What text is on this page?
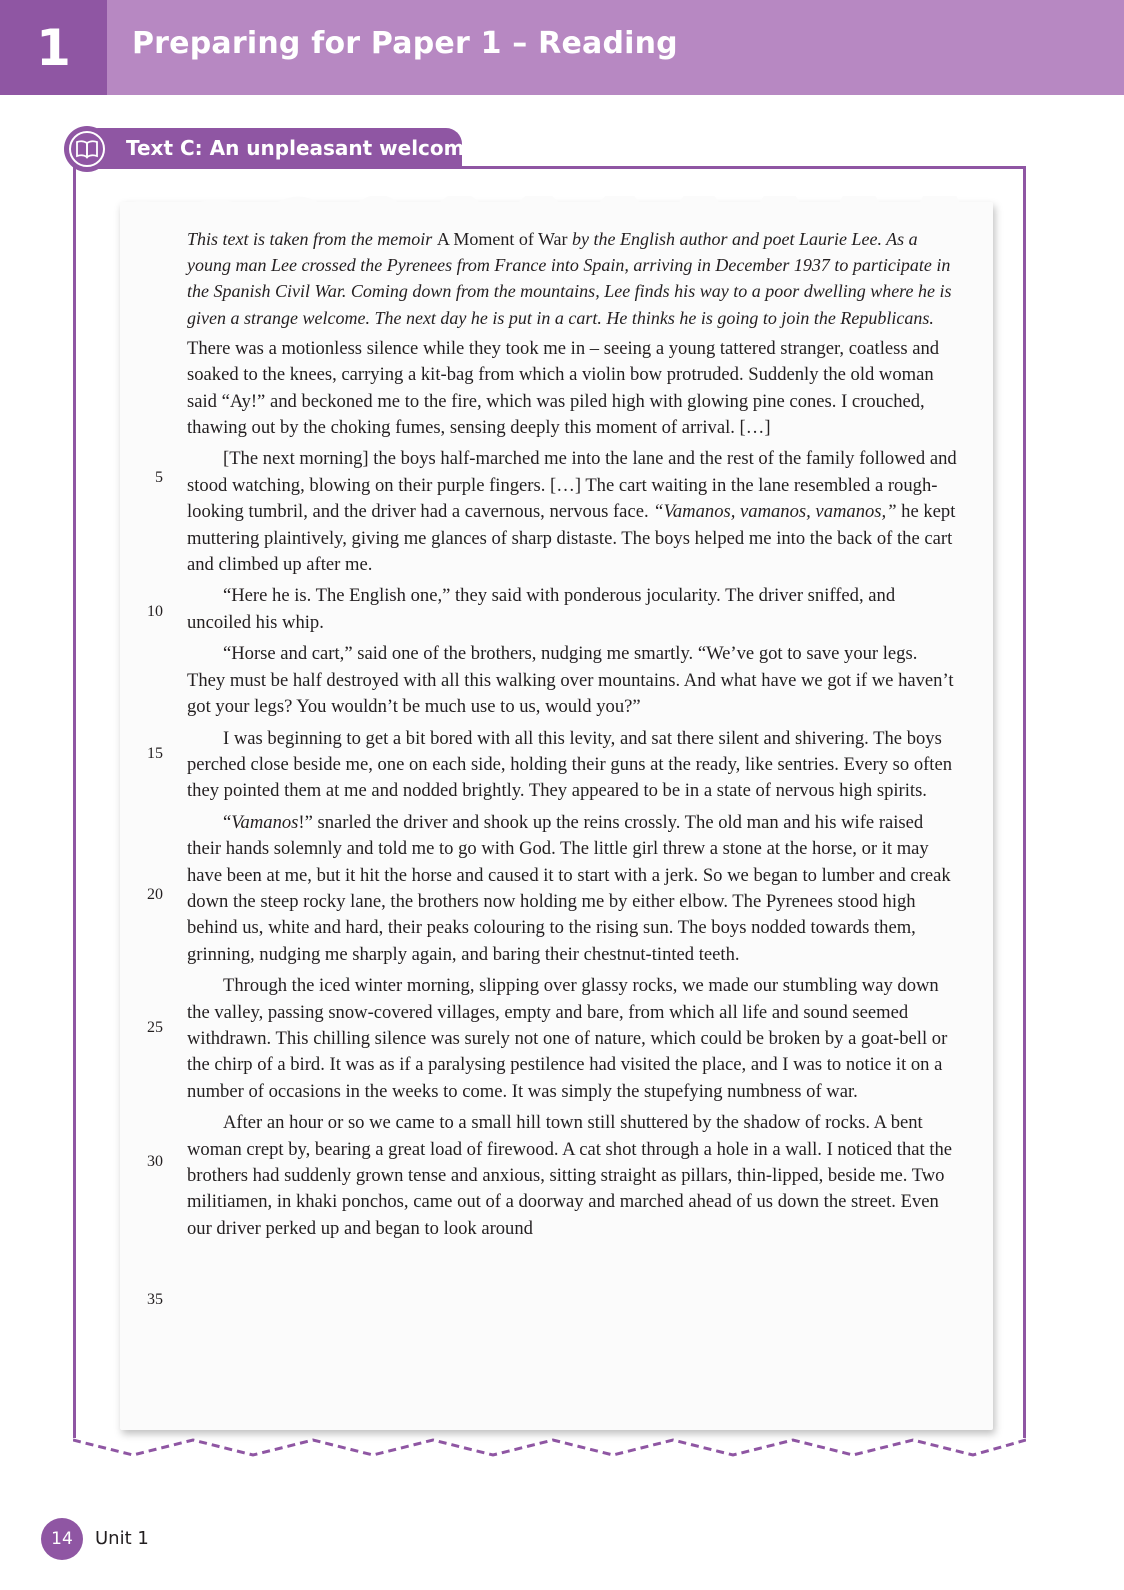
1 Preparing for Paper 1 – Reading
Text C: An unpleasant welcome
5
10
15
20
25
30
35

This text is taken from the memoir A Moment of War by the English author and poet Laurie Lee. As a young man Lee crossed the Pyrenees from France into Spain, arriving in December 1937 to participate in the Spanish Civil War. Coming down from the mountains, Lee finds his way to a poor dwelling where he is given a strange welcome. The next day he is put in a cart. He thinks he is going to join the Republicans.

There was a motionless silence while they took me in – seeing a young tattered stranger, coatless and soaked to the knees, carrying a kit-bag from which a violin bow protruded. Suddenly the old woman said “Ay!” and beckoned me to the fire, which was piled high with glowing pine cones. I crouched, thawing out by the choking fumes, sensing deeply this moment of arrival. […]

[The next morning] the boys half-marched me into the lane and the rest of the family followed and stood watching, blowing on their purple fingers. […] The cart waiting in the lane resembled a rough-looking tumbril, and the driver had a cavernous, nervous face. “Vamanos, vamanos, vamanos,” he kept muttering plaintively, giving me glances of sharp distaste. The boys helped me into the back of the cart and climbed up after me.

“Here he is. The English one,” they said with ponderous jocularity. The driver sniffed, and uncoiled his whip.

“Horse and cart,” said one of the brothers, nudging me smartly. “We’ve got to save your legs. They must be half destroyed with all this walking over mountains. And what have we got if we haven’t got your legs? You wouldn’t be much use to us, would you?”

I was beginning to get a bit bored with all this levity, and sat there silent and shivering. The boys perched close beside me, one on each side, holding their guns at the ready, like sentries. Every so often they pointed them at me and nodded brightly. They appeared to be in a state of nervous high spirits.

“Vamanos!” snarled the driver and shook up the reins crossly. The old man and his wife raised their hands solemnly and told me to go with God. The little girl threw a stone at the horse, or it may have been at me, but it hit the horse and caused it to start with a jerk. So we began to lumber and creak down the steep rocky lane, the brothers now holding me by either elbow. The Pyrenees stood high behind us, white and hard, their peaks colouring to the rising sun. The boys nodded towards them, grinning, nudging me sharply again, and baring their chestnut-tinted teeth.

Through the iced winter morning, slipping over glassy rocks, we made our stumbling way down the valley, passing snow-covered villages, empty and bare, from which all life and sound seemed withdrawn. This chilling silence was surely not one of nature, which could be broken by a goat-bell or the chirp of a bird. It was as if a paralysing pestilence had visited the place, and I was to notice it on a number of occasions in the weeks to come. It was simply the stupefying numbness of war.

After an hour or so we came to a small hill town still shuttered by the shadow of rocks. A bent woman crept by, bearing a great load of firewood. A cat shot through a hole in a wall. I noticed that the brothers had suddenly grown tense and anxious, sitting straight as pillars, thin-lipped, beside me. Two militiamen, in khaki ponchos, came out of a doorway and marched ahead of us down the street. Even our driver perked up and began to look around

14 Unit 1
